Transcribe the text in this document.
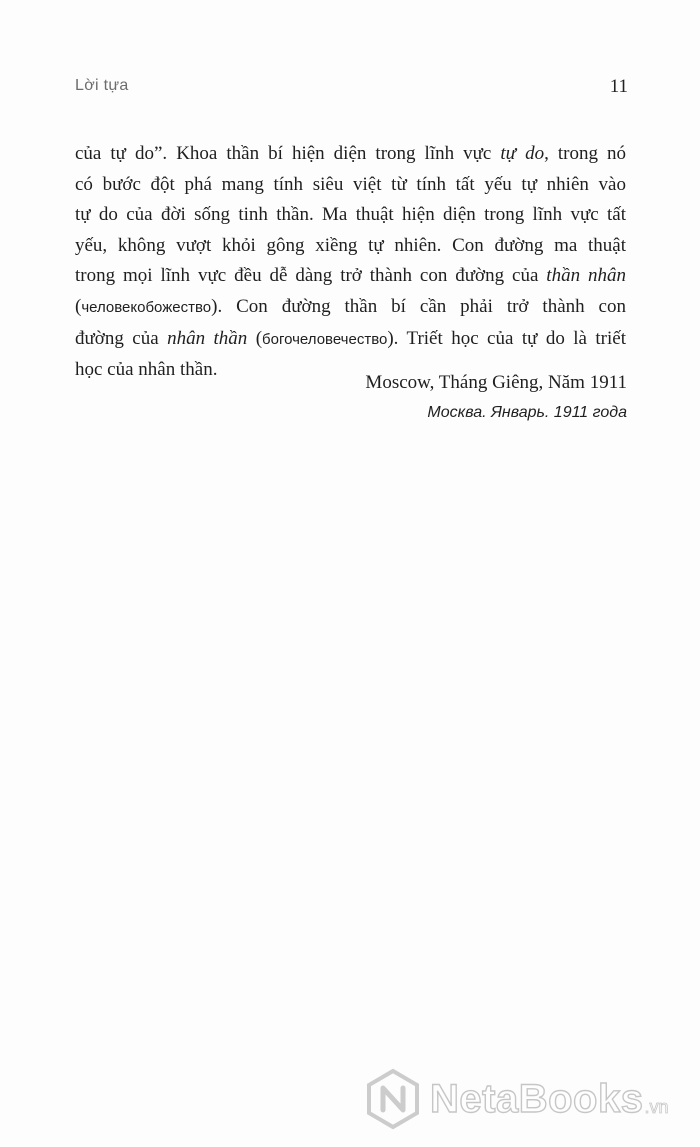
Lời tựa	11
của tự do”. Khoa thần bí hiện diện trong lĩnh vực tự do, trong nó
có bước đột phá mang tính siêu việt từ tính tất yếu tự nhiên vào
tự do của đời sống tinh thần. Ma thuật hiện diện trong lĩnh vực tất
yếu, không vượt khỏi gông xiềng tự nhiên. Con đường ma thuật
trong mọi lĩnh vực đều dễ dàng trở thành con đường của thần nhân
(человекобожество). Con đường thần bí cần phải trở thành con
đường của nhân thần (богочеловечество). Triết học của tự do là triết
học của nhân thần.
Moscow, Tháng Giêng, Năm 1911
Москва. Январь. 1911 года
NetaBooks .vn
